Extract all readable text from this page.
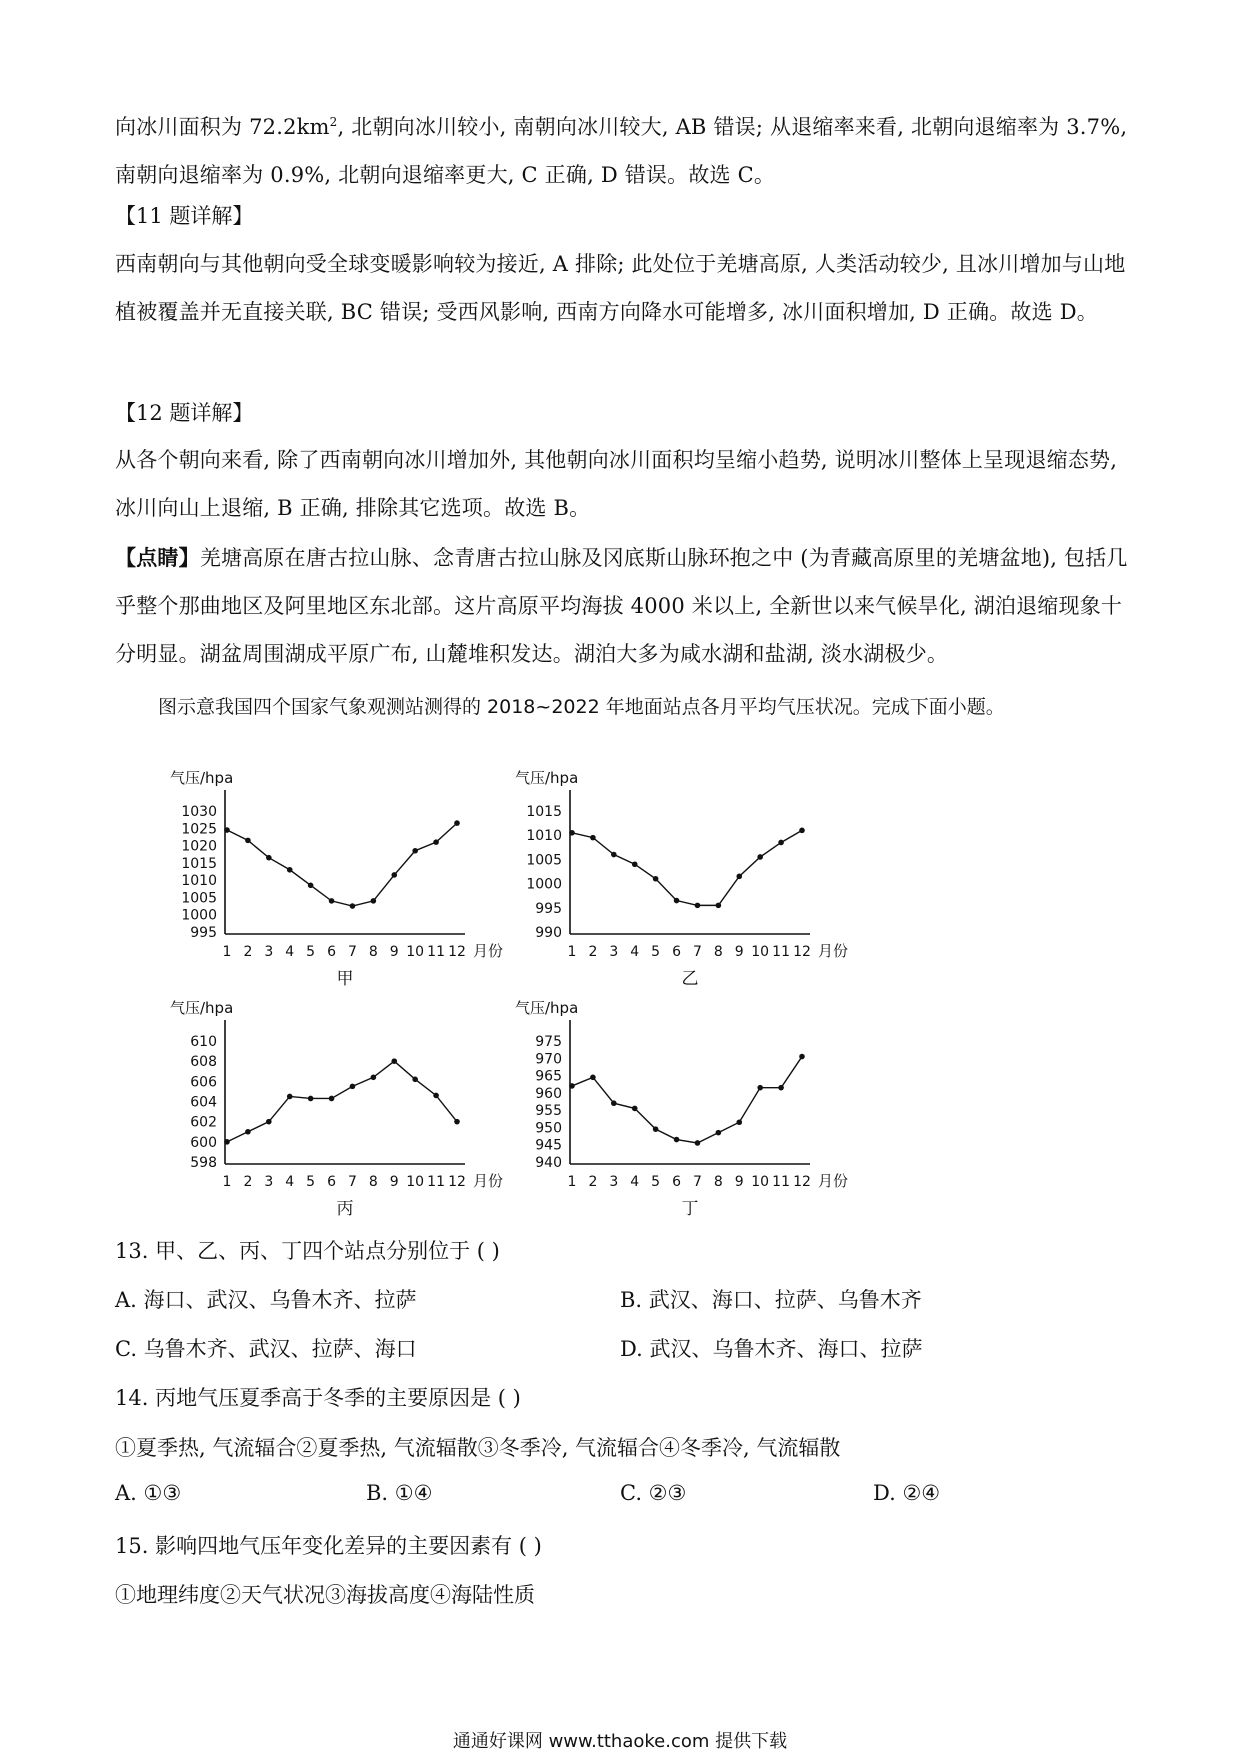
向冰川面积为 $72.2km^2$, 北朝向冰川较小, 南朝向冰川较大, AB 错误; 从退缩率来看, 北朝向退缩率为 3.7%, 南朝向退缩率为 0.9%, 北朝向退缩率更大, C 正确, D 错误。故选 C。

【11 题详解】

西南朝向与其他朝向受全球变暖影响较为接近, A 排除; 此处位于羌塘高原, 人类活动较少, 且冰川增加与山地植被覆盖并无直接关联, BC 错误; 受西风影响, 西南方向降水可能增多, 冰川面积增加, D 正确。故选 D。

【12 题详解】

从各个朝向来看, 除了西南朝向冰川增加外, 其他朝向冰川面积均呈缩小趋势, 说明冰川整体上呈现退缩态势, 冰川向山上退缩, B 正确, 排除其它选项。故选 B。

【点睛】羌塘高原在唐古拉山脉、念青唐古拉山脉及冈底斯山脉环抱之中 (为青藏高原里的羌塘盆地), 包括几乎整个那曲地区及阿里地区东北部。这片高原平均海拔 4000 米以上, 全新世以来气候旱化, 湖泊退缩现象十分明显。湖盆周围湖成平原广布, 山麓堆积发达。湖泊大多为咸水湖和盐湖, 淡水湖极少。

图示意我国四个国家气象观测站测得的 2018~2022 年地面站点各月平均气压状况。完成下面小题。
气压/hpa
1030
1025
1020
1015
1010
1005
1000
995
1 2 3 4 5 6 7 8 9 10 11 12 月份
甲
气压/hpa
1015
1010
1005
1000
995
990
1 2 3 4 5 6 7 8 9 10 11 12 月份
乙
气压/hpa
610
608
606
604
602
600
598
1 2 3 4 5 6 7 8 9 10 11 12 月份
丙
气压/hpa
975
970
965
960
955
950
945
940
1 2 3 4 5 6 7 8 9 10 11 12 月份
丁
13. 甲、乙、丙、丁四个站点分别位于 ( )
A. 海口、武汉、乌鲁木齐、拉萨	B. 武汉、海口、拉萨、乌鲁木齐
C. 乌鲁木齐、武汉、拉萨、海口	D. 武汉、乌鲁木齐、海口、拉萨
14. 丙地气压夏季高于冬季的主要原因是 ( )
①夏季热, 气流辐合②夏季热, 气流辐散③冬季冷, 气流辐合④冬季冷, 气流辐散
A. ①③	B. ①④	C. ②③	D. ②④
15. 影响四地气压年变化差异的主要因素有 ( )
①地理纬度②天气状况③海拔高度④海陆性质
通通好课网 www.tthaoke.com 提供下载
